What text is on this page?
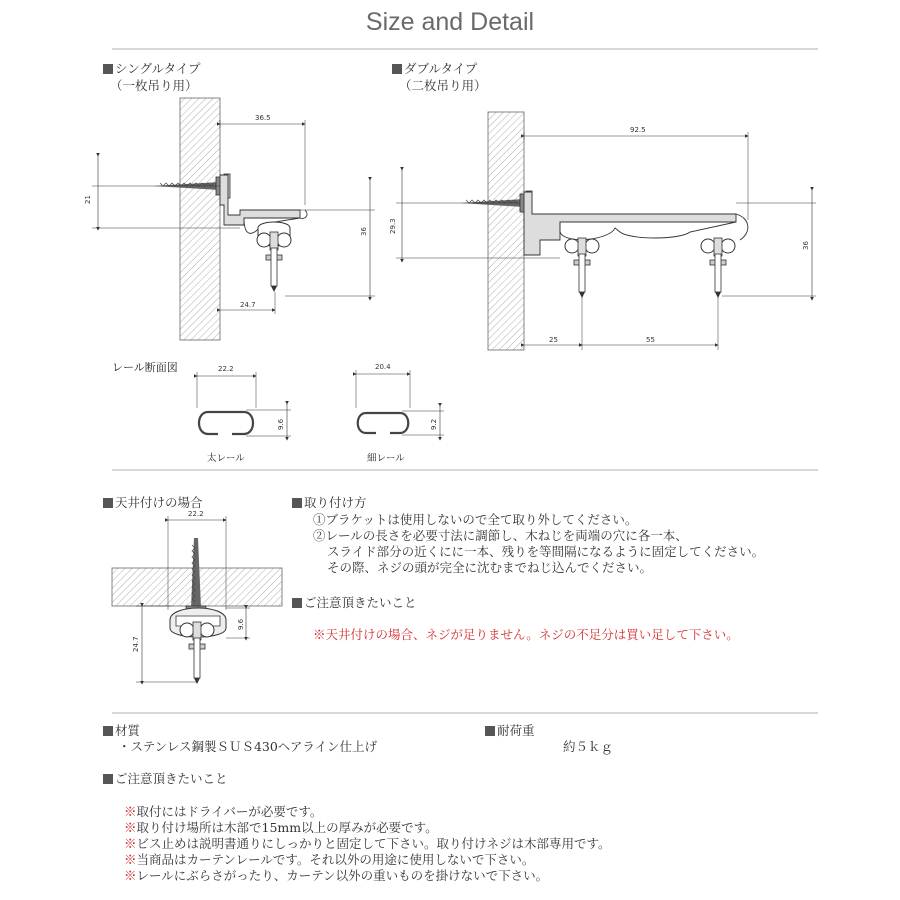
Size and Detail
シングルタイプ
（一枚吊り用）
ダブルタイプ
（二枚吊り用）
レール断面図
36.5
21
36
24.7
92.5
29.3
36
25	55
22.2
9.6
20.4
9.2
22.2
9.6
24.7
太レール	細レール
天井付けの場合	取り付け方
①ブラケットは使用しないので全て取り外してください。
②レールの長さを必要寸法に調節し、木ねじを両端の穴に各一本、
スライド部分の近くにに一本、残りを等間隔になるように固定してください。
その際、ネジの頭が完全に沈むまでねじ込んでください。
ご注意頂きたいこと
※天井付けの場合、ネジが足りません。ネジの不足分は買い足して下さい。
材質
・ステンレス鋼製ＳＵＳ430ヘアライン仕上げ
耐荷重
約５ｋｇ
ご注意頂きたいこと
※取付にはドライバーが必要です。
※取り付け場所は木部で15mm以上の厚みが必要です。
※ビス止めは説明書通りにしっかりと固定して下さい。取り付けネジは木部専用です。
※当商品はカーテンレールです。それ以外の用途に使用しないで下さい。
※レールにぶらさがったり、カーテン以外の重いものを掛けないで下さい。
